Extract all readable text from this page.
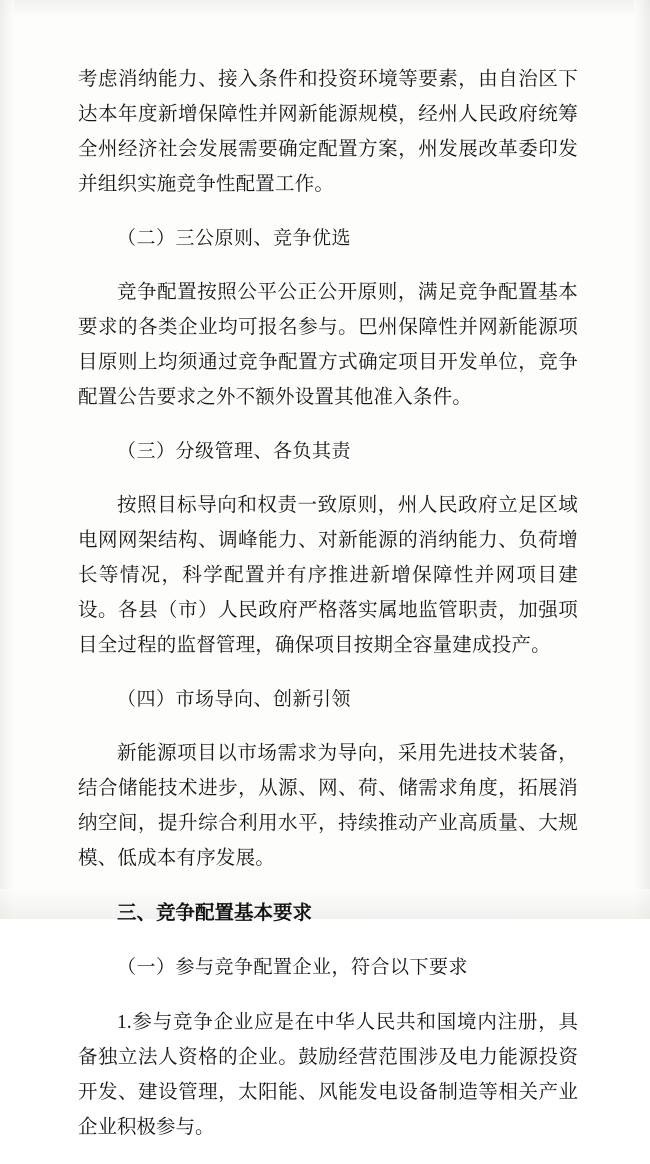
考虑消纳能力、接入条件和投资环境等要素，由自治区下达本年度新增保障性并网新能源规模，经州人民政府统筹全州经济社会发展需要确定配置方案，州发展改革委印发并组织实施竞争性配置工作。

（二）三公原则、竞争优选

竞争配置按照公平公正公开原则，满足竞争配置基本要求的各类企业均可报名参与。巴州保障性并网新能源项目原则上均须通过竞争配置方式确定项目开发单位，竞争配置公告要求之外不额外设置其他准入条件。

（三）分级管理、各负其责

按照目标导向和权责一致原则，州人民政府立足区域电网网架结构、调峰能力、对新能源的消纳能力、负荷增长等情况，科学配置并有序推进新增保障性并网项目建设。各县（市）人民政府严格落实属地监管职责，加强项目全过程的监督管理，确保项目按期全容量建成投产。

（四）市场导向、创新引领

新能源项目以市场需求为导向，采用先进技术装备，结合储能技术进步，从源、网、荷、储需求角度，拓展消纳空间，提升综合利用水平，持续推动产业高质量、大规模、低成本有序发展。

三、竞争配置基本要求

（一）参与竞争配置企业，符合以下要求

1.参与竞争企业应是在中华人民共和国境内注册，具备独立法人资格的企业。鼓励经营范围涉及电力能源投资开发、建设管理，太阳能、风能发电设备制造等相关产业企业积极参与。
